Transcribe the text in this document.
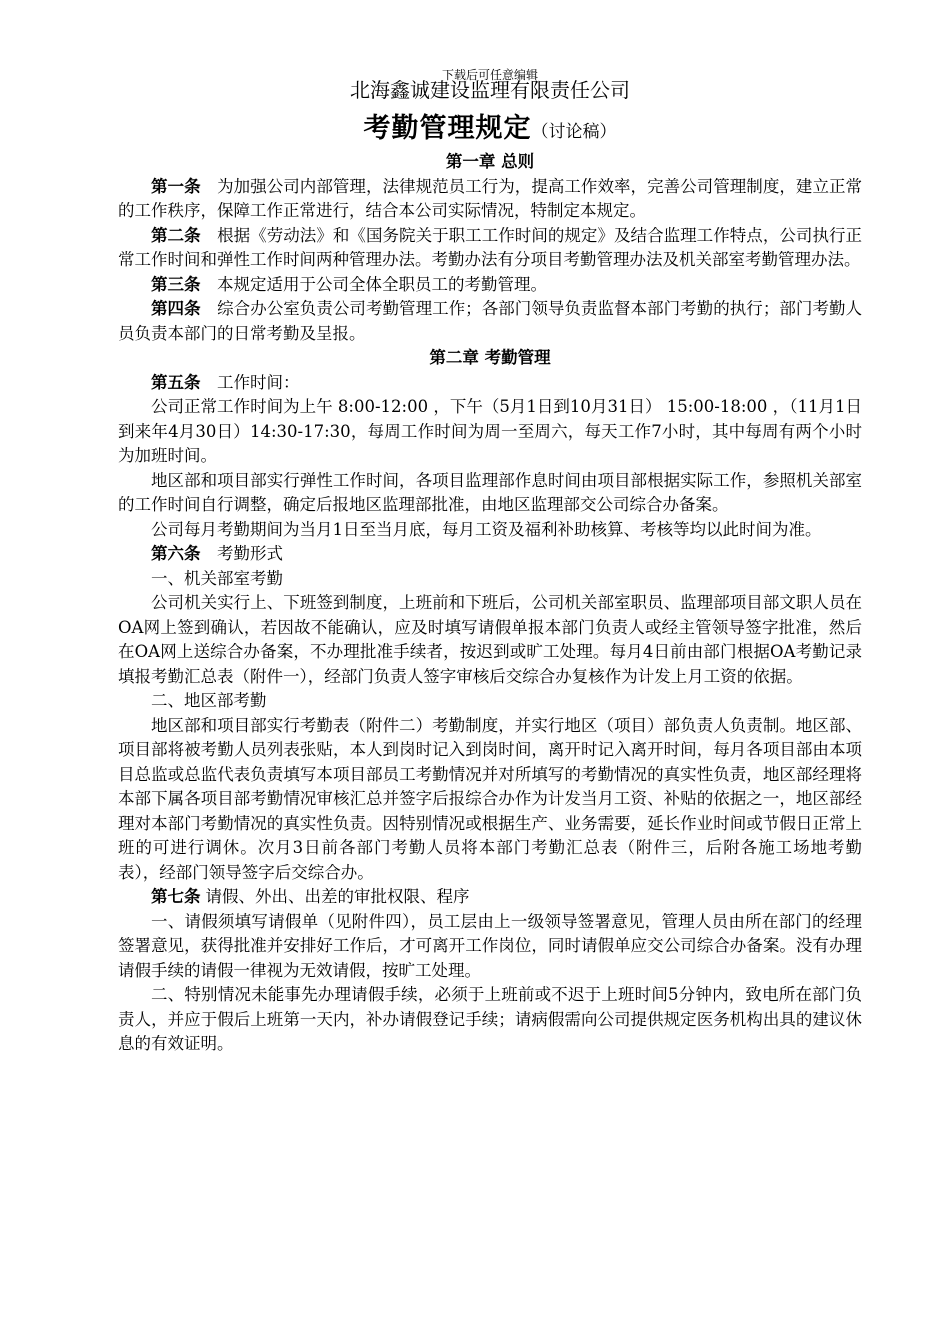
下载后可任意编辑
北海鑫诚建设监理有限责任公司
考勤管理规定（讨论稿）
第一章 总则

第一条 为加强公司内部管理，法律规范员工行为，提高工作效率，完善公司管理制度，建立正常的工作秩序，保障工作正常进行，结合本公司实际情况，特制定本规定。

第二条 根据《劳动法》和《国务院关于职工工作时间的规定》及结合监理工作特点，公司执行正常工作时间和弹性工作时间两种管理办法。考勤办法有分项目考勤管理办法及机关部室考勤管理办法。

第三条 本规定适用于公司全体全职员工的考勤管理。

第四条 综合办公室负责公司考勤管理工作；各部门领导负责监督本部门考勤的执行；部门考勤人员负责本部门的日常考勤及呈报。

第二章 考勤管理

第五条 工作时间：

公司正常工作时间为上午 8:00-12:00 ，下午（5月1日到10月31日） 15:00-18:00 ，（11月1日到来年4月30日）14:30-17:30，每周工作时间为周一至周六，每天工作7小时，其中每周有两个小时为加班时间。

地区部和项目部实行弹性工作时间，各项目监理部作息时间由项目部根据实际工作，参照机关部室的工作时间自行调整，确定后报地区监理部批准，由地区监理部交公司综合办备案。

公司每月考勤期间为当月1日至当月底，每月工资及福利补助核算、考核等均以此时间为准。

第六条 考勤形式

一、机关部室考勤

公司机关实行上、下班签到制度，上班前和下班后，公司机关部室职员、监理部项目部文职人员在OA网上签到确认，若因故不能确认，应及时填写请假单报本部门负责人或经主管领导签字批准，然后在OA网上送综合办备案，不办理批准手续者，按迟到或旷工处理。每月4日前由部门根据OA考勤记录填报考勤汇总表（附件一），经部门负责人签字审核后交综合办复核作为计发上月工资的依据。

二、地区部考勤

地区部和项目部实行考勤表（附件二）考勤制度，并实行地区（项目）部负责人负责制。地区部、项目部将被考勤人员列表张贴，本人到岗时记入到岗时间，离开时记入离开时间，每月各项目部由本项目总监或总监代表负责填写本项目部员工考勤情况并对所填写的考勤情况的真实性负责，地区部经理将本部下属各项目部考勤情况审核汇总并签字后报综合办作为计发当月工资、补贴的依据之一，地区部经理对本部门考勤情况的真实性负责。因特别情况或根据生产、业务需要，延长作业时间或节假日正常上班的可进行调休。次月3日前各部门考勤人员将本部门考勤汇总表（附件三，后附各施工场地考勤表），经部门领导签字后交综合办。

第七条 请假、外出、出差的审批权限、程序

一、请假须填写请假单（见附件四），员工层由上一级领导签署意见，管理人员由所在部门的经理签署意见，获得批准并安排好工作后，才可离开工作岗位，同时请假单应交公司综合办备案。没有办理请假手续的请假一律视为无效请假，按旷工处理。

二、特别情况未能事先办理请假手续，必须于上班前或不迟于上班时间5分钟内，致电所在部门负责人，并应于假后上班第一天内，补办请假登记手续；请病假需向公司提供规定医务机构出具的建议休息的有效证明。
